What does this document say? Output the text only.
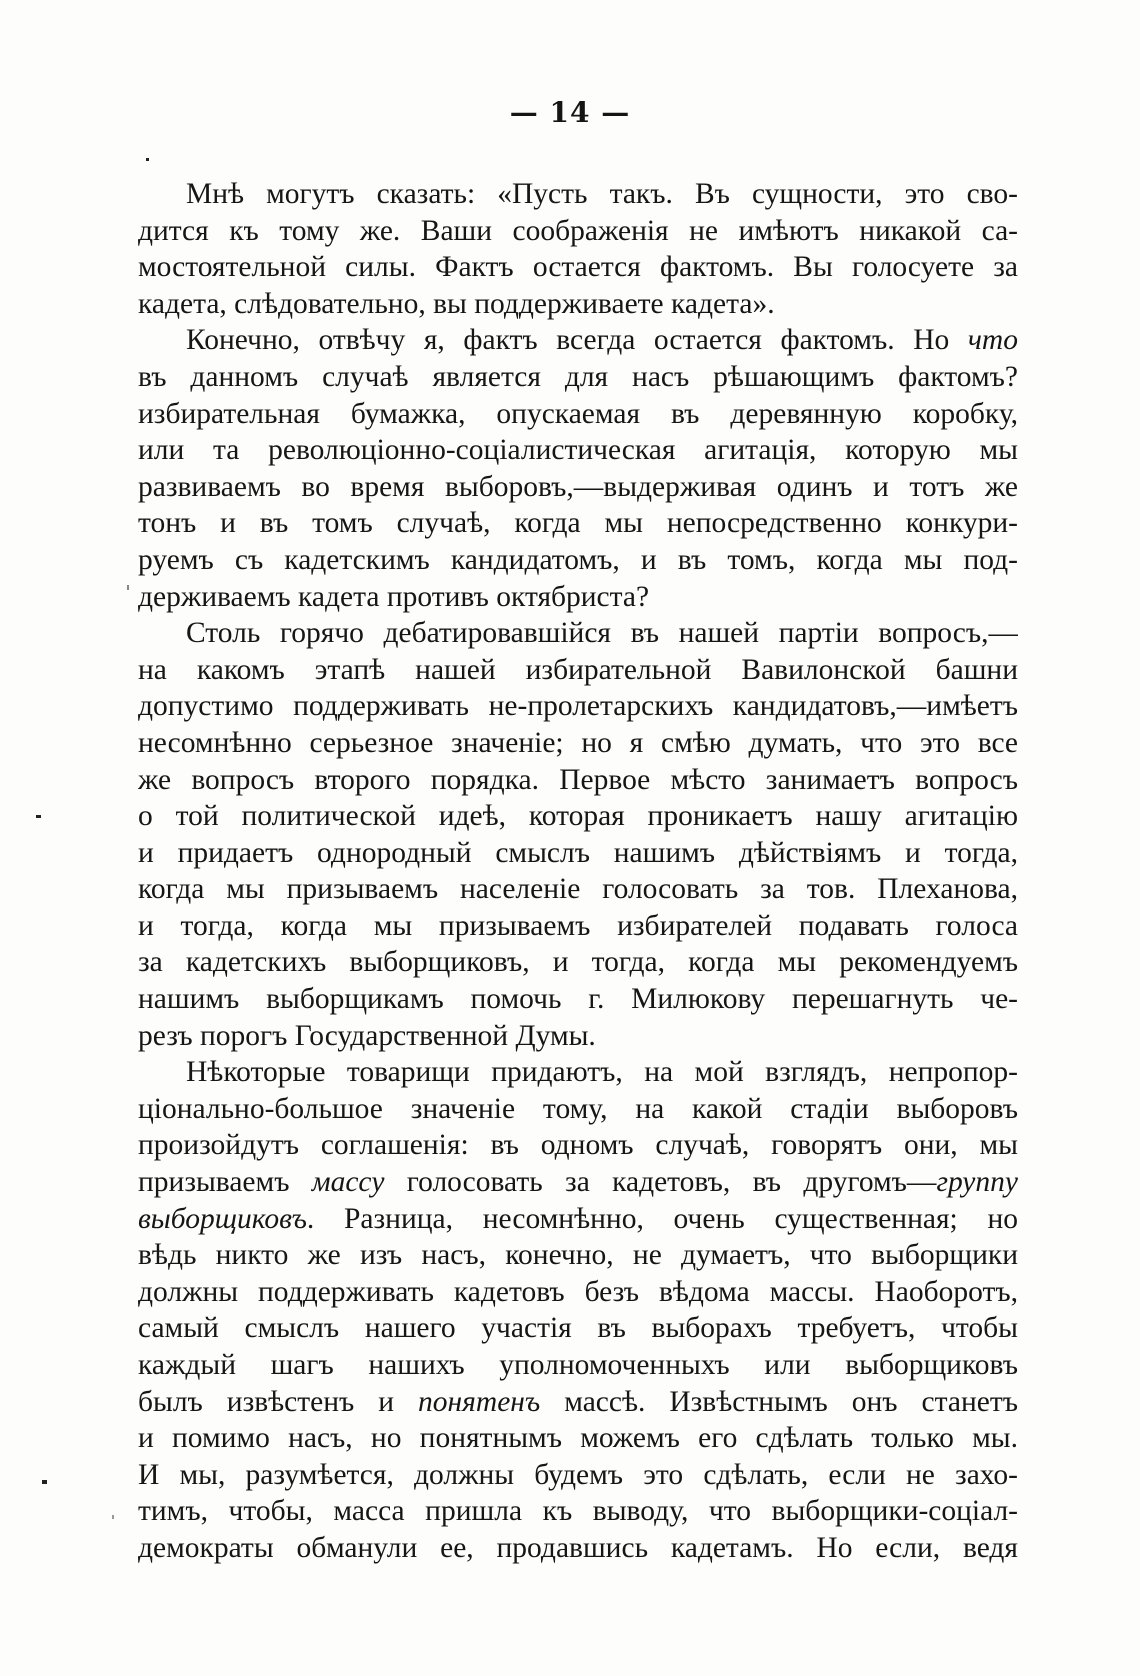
— 14 —
Мнѣ могутъ сказать: «Пусть такъ. Въ сущности, это сво-
дится къ тому же. Ваши соображенія не имѣютъ никакой са-
мостоятельной силы. Фактъ остается фактомъ. Вы голосуете за
кадета, слѣдовательно, вы поддерживаете кадета».
Конечно, отвѣчу я, фактъ всегда остается фактомъ. Но что
въ данномъ случаѣ является для насъ рѣшающимъ фактомъ?
избирательная бумажка, опускаемая въ деревянную коробку,
или та революціонно-соціалистическая агитація, которую мы
развиваемъ во время выборовъ,—выдерживая одинъ и тотъ же
тонъ и въ томъ случаѣ, когда мы непосредственно конкури-
руемъ съ кадетскимъ кандидатомъ, и въ томъ, когда мы под-
держиваемъ кадета противъ октябриста?
Столь горячо дебатировавшійся въ нашей партіи вопросъ,—
на какомъ этапѣ нашей избирательной Вавилонской башни
допустимо поддерживать не-пролетарскихъ кандидатовъ,—имѣетъ
несомнѣнно серьезное значеніе; но я смѣю думать, что это все
же вопросъ второго порядка. Первое мѣсто занимаетъ вопросъ
о той политической идеѣ, которая проникаетъ нашу агитацію
и придаетъ однородный смыслъ нашимъ дѣйствіямъ и тогда,
когда мы призываемъ населеніе голосовать за тов. Плеханова,
и тогда, когда мы призываемъ избирателей подавать голоса
за кадетскихъ выборщиковъ, и тогда, когда мы рекомендуемъ
нашимъ выборщикамъ помочь г. Милюкову перешагнуть че-
резъ порогъ Государственной Думы.
Нѣкоторые товарищи придаютъ, на мой взглядъ, непропор-
ціонально-большое значеніе тому, на какой стадіи выборовъ
произойдутъ соглашенія: въ одномъ случаѣ, говорятъ они, мы
призываемъ массу голосовать за кадетовъ, въ другомъ—группу
выборщиковъ. Разница, несомнѣнно, очень существенная; но
вѣдь никто же изъ насъ, конечно, не думаетъ, что выборщики
должны поддерживать кадетовъ безъ вѣдома массы. Наоборотъ,
самый смыслъ нашего участія въ выборахъ требуетъ, чтобы
каждый шагъ нашихъ уполномоченныхъ или выборщиковъ
былъ извѣстенъ и понятенъ массѣ. Извѣстнымъ онъ станетъ
и помимо насъ, но понятнымъ можемъ его сдѣлать только мы.
И мы, разумѣется, должны будемъ это сдѣлать, если не захо-
тимъ, чтобы, масса пришла къ выводу, что выборщики-соціал-
демократы обманули ее, продавшись кадетамъ. Но если, ведя
